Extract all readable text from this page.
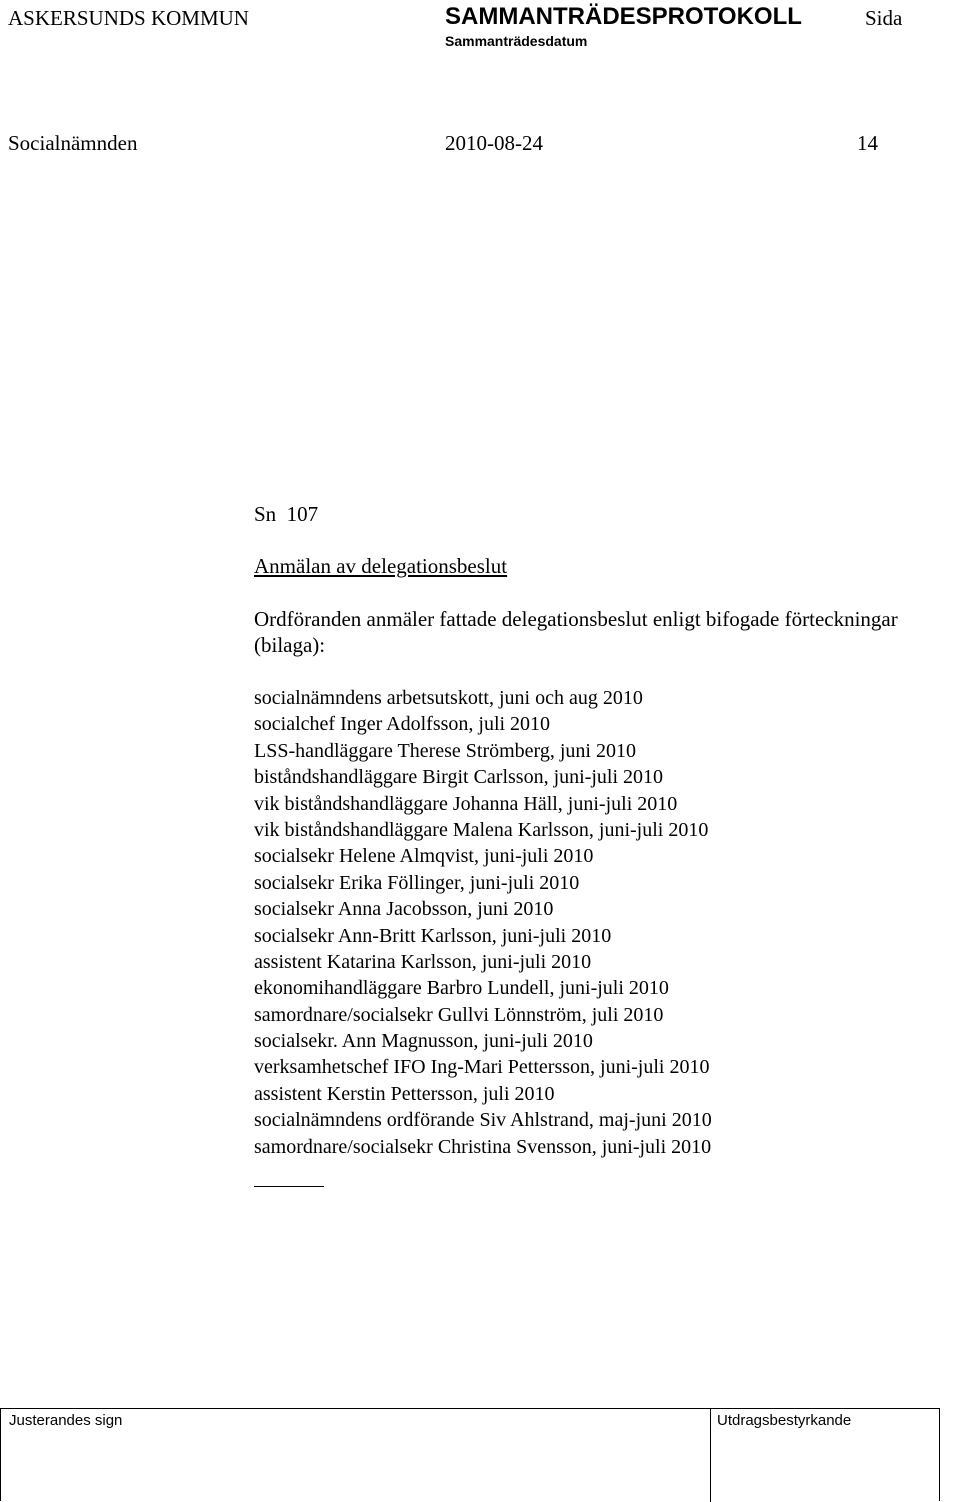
ASKERSUNDS KOMMUN	SAMMANTRÄDESPROTOKOLL	Sida
Sammanträdesdatum
Socialnämnden	2010-08-24	14
Sn  107
Anmälan av delegationsbeslut
Ordföranden anmäler fattade delegationsbeslut enligt bifogade förteckningar (bilaga):
socialnämndens arbetsutskott, juni och aug 2010
socialchef Inger Adolfsson, juli 2010
LSS-handläggare Therese Strömberg, juni 2010
biståndshandläggare Birgit Carlsson, juni-juli 2010
vik biståndshandläggare Johanna Häll, juni-juli 2010
vik biståndshandläggare Malena Karlsson, juni-juli 2010
socialsekr Helene Almqvist, juni-juli 2010
socialsekr Erika Föllinger, juni-juli 2010
socialsekr Anna Jacobsson, juni 2010
socialsekr Ann-Britt Karlsson, juni-juli 2010
assistent Katarina Karlsson, juni-juli 2010
ekonomihandläggare Barbro Lundell, juni-juli 2010
samordnare/socialsekr Gullvi Lönnström, juli 2010
socialsekr. Ann Magnusson, juni-juli 2010
verksamhetschef IFO Ing-Mari Pettersson, juni-juli 2010
assistent Kerstin Pettersson, juli 2010
socialnämndens ordförande Siv Ahlstrand, maj-juni 2010
samordnare/socialsekr Christina Svensson, juni-juli 2010
Justerandes sign	Utdragsbestyrkande
